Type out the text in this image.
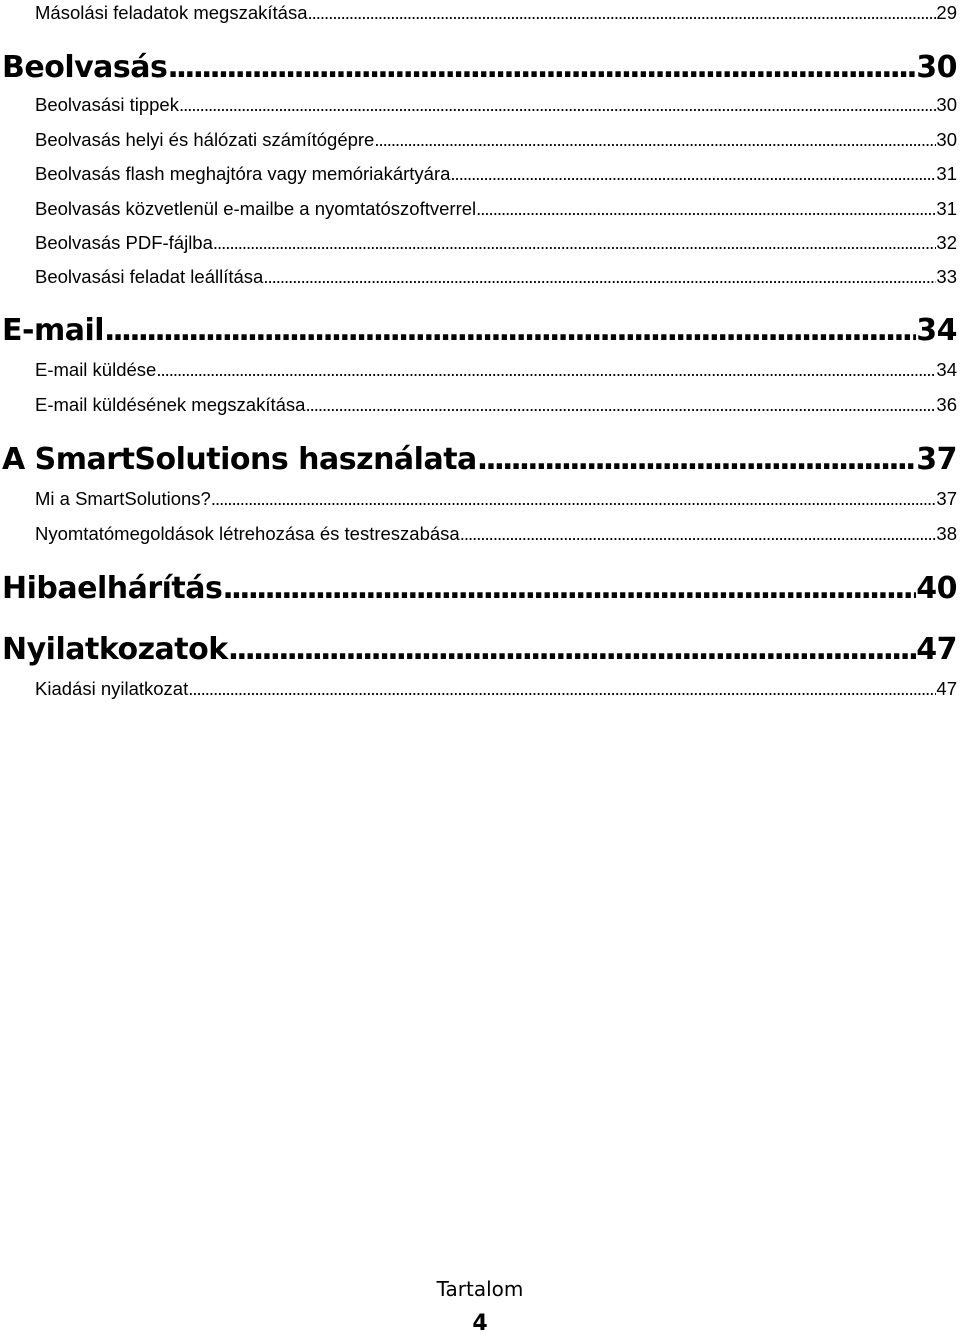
Másolási feladatok megszakítása .....	29
Beolvasás .....	30
Beolvasási tippek .....	30
Beolvasás helyi és hálózati számítógépre .....	30
Beolvasás flash meghajtóra vagy memóriakártyára .....	31
Beolvasás közvetlenül e-mailbe a nyomtatószoftverrel .....	31
Beolvasás PDF-fájlba .....	32
Beolvasási feladat leállítása .....	33
E-mail .....	34
E-mail küldése .....	34
E-mail küldésének megszakítása .....	36
A SmartSolutions használata .....	37
Mi a SmartSolutions? .....	37
Nyomtatómegoldások létrehozása és testreszabása .....	38
Hibaelhárítás .....	40
Nyilatkozatok .....	47
Kiadási nyilatkozat .....	47
Tartalom
4
